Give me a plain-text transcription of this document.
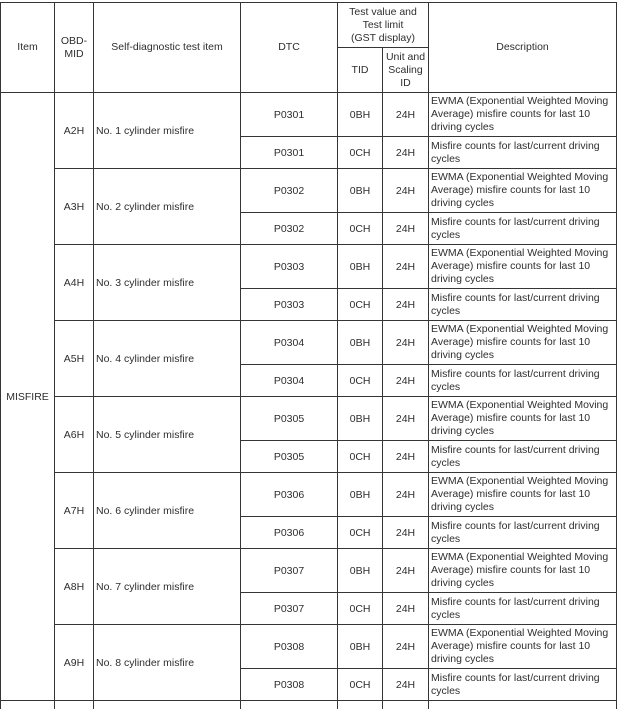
Item	OBD-MID	Self-diagnostic test item	DTC	Test value and Test limit
(GST display)		Description
				TID	Unit and Scaling ID	
MISFIRE	A2H	No. 1 cylinder misfire	P0301	0BH	24H	EWMA (Exponential Weighted Moving Average) misfire counts for last 10 driving cycles
			P0301	0CH	24H	Misfire counts for last/current driving cycles
	A3H	No. 2 cylinder misfire	P0302	0BH	24H	EWMA (Exponential Weighted Moving Average) misfire counts for last 10 driving cycles
			P0302	0CH	24H	Misfire counts for last/current driving cycles
	A4H	No. 3 cylinder misfire	P0303	0BH	24H	EWMA (Exponential Weighted Moving Average) misfire counts for last 10 driving cycles
			P0303	0CH	24H	Misfire counts for last/current driving cycles
	A5H	No. 4 cylinder misfire	P0304	0BH	24H	EWMA (Exponential Weighted Moving Average) misfire counts for last 10 driving cycles
			P0304	0CH	24H	Misfire counts for last/current driving cycles
	A6H	No. 5 cylinder misfire	P0305	0BH	24H	EWMA (Exponential Weighted Moving Average) misfire counts for last 10 driving cycles
			P0305	0CH	24H	Misfire counts for last/current driving cycles
	A7H	No. 6 cylinder misfire	P0306	0BH	24H	EWMA (Exponential Weighted Moving Average) misfire counts for last 10 driving cycles
			P0306	0CH	24H	Misfire counts for last/current driving cycles
	A8H	No. 7 cylinder misfire	P0307	0BH	24H	EWMA (Exponential Weighted Moving Average) misfire counts for last 10 driving cycles
			P0307	0CH	24H	Misfire counts for last/current driving cycles
	A9H	No. 8 cylinder misfire	P0308	0BH	24H	EWMA (Exponential Weighted Moving Average) misfire counts for last 10 driving cycles
			P0308	0CH	24H	Misfire counts for last/current driving cycles
